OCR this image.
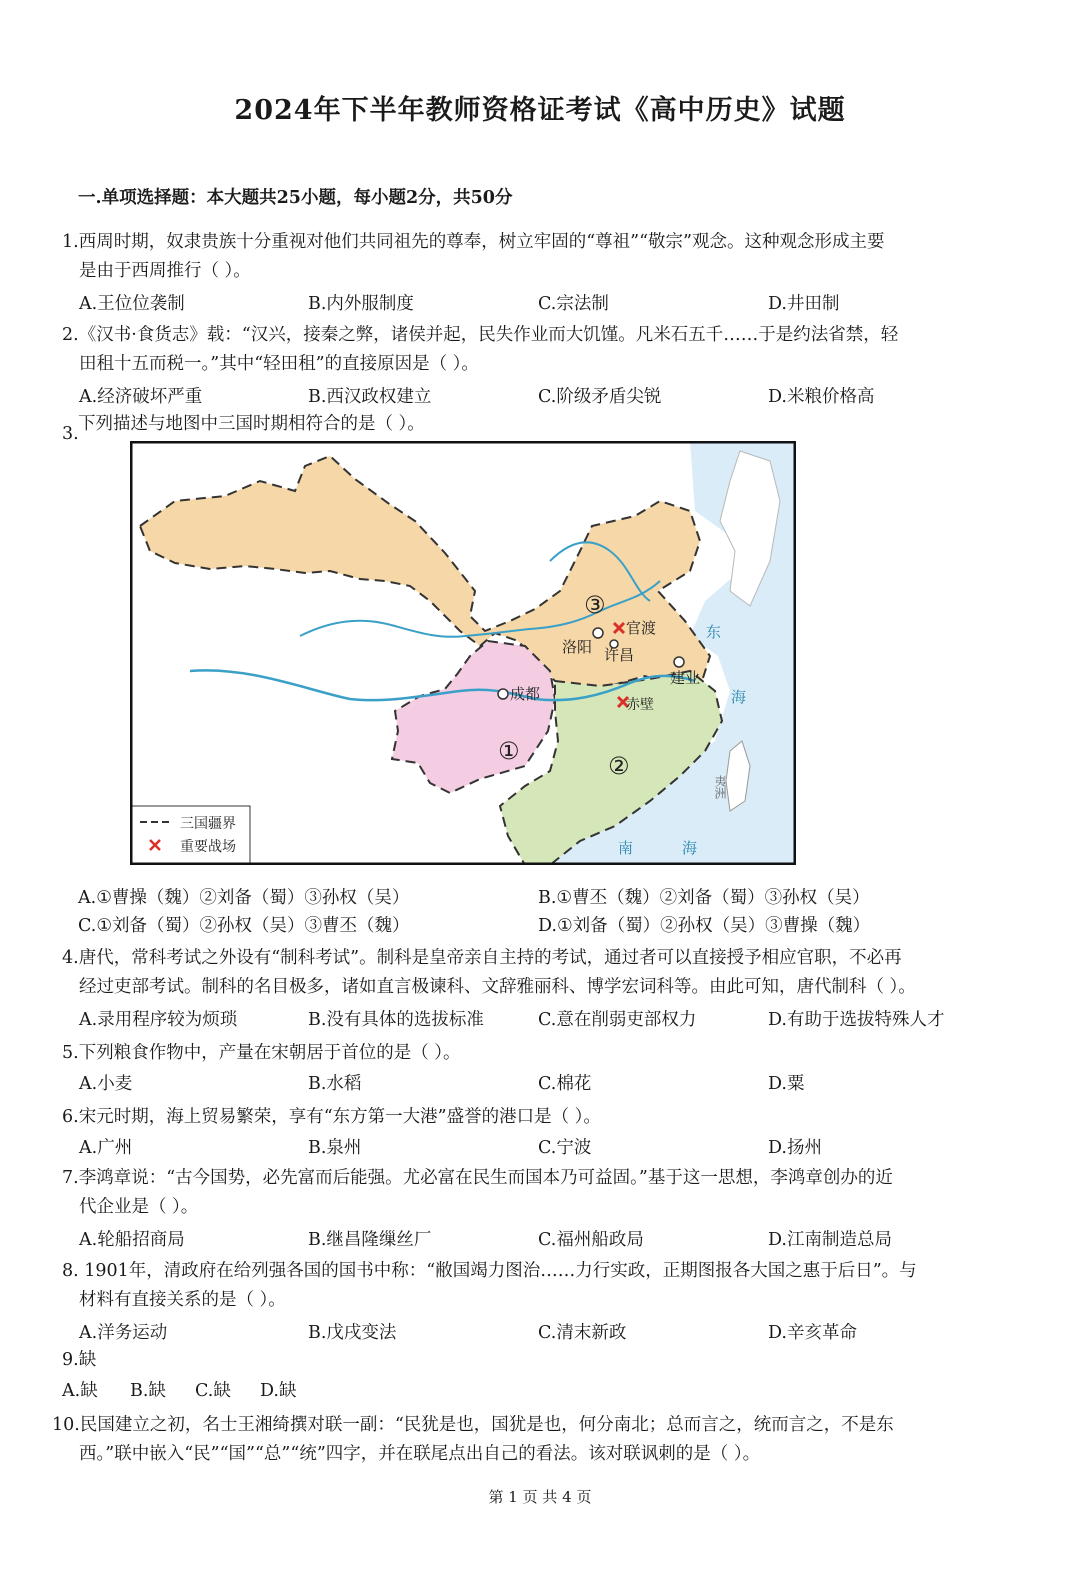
2024年下半年教师资格证考试《高中历史》试题
一.单项选择题：本大题共25小题，每小题2分，共50分
1.西周时期，奴隶贵族十分重视对他们共同祖先的尊奉，树立牢固的“尊祖”“敬宗”观念。这种观念形成主要
是由于西周推行（ ）。
A.王位位袭制	B.内外服制度	C.宗法制	D.井田制
2.《汉书·食货志》载：“汉兴，接秦之弊，诸侯并起，民失作业而大饥馑。凡米石五千……于是约法省禁，轻
田租十五而税一。”其中“轻田租”的直接原因是（ ）。
A.经济破坏严重	B.西汉政权建立	C.阶级矛盾尖锐	D.米粮价格高
3. 下列描述与地图中三国时期相符合的是（ ）。
官渡
洛阳 许昌
建业
成都
赤壁
东
海
南	海
夷洲
③
①
②
三国疆界
重要战场
A.①曹操（魏）②刘备（蜀）③孙权（吴）	B.①曹丕（魏）②刘备（蜀）③孙权（吴）
C.①刘备（蜀）②孙权（吴）③曹丕（魏）	D.①刘备（蜀）②孙权（吴）③曹操（魏）
4.唐代，常科考试之外设有“制科考试”。制科是皇帝亲自主持的考试，通过者可以直接授予相应官职，不必再
经过吏部考试。制科的名目极多，诸如直言极谏科、文辞雅丽科、博学宏词科等。由此可知，唐代制科（ ）。
A.录用程序较为烦琐	B.没有具体的选拔标准	C.意在削弱吏部权力	D.有助于选拔特殊人才
5.下列粮食作物中，产量在宋朝居于首位的是（ ）。
A.小麦	B.水稻	C.棉花	D.粟
6.宋元时期，海上贸易繁荣，享有“东方第一大港”盛誉的港口是（ ）。
A.广州	B.泉州	C.宁波	D.扬州
7.李鸿章说：“古今国势，必先富而后能强。尤必富在民生而国本乃可益固。”基于这一思想，李鸿章创办的近
代企业是（ ）。
A.轮船招商局	B.继昌隆缫丝厂	C.福州船政局	D.江南制造总局
8. 1901年，清政府在给列强各国的国书中称：“敝国竭力图治……力行实政，正期图报各大国之惠于后日”。与
材料有直接关系的是（ ）。
A.洋务运动	B.戊戌变法	C.清末新政	D.辛亥革命
9.缺
A.缺 B.缺 C.缺 D.缺
10.民国建立之初，名士王湘绮撰对联一副：“民犹是也，国犹是也，何分南北；总而言之，统而言之，不是东
西。”联中嵌入“民”“国”“总”“统”四字，并在联尾点出自己的看法。该对联讽刺的是（ ）。
第 1 页 共 4 页
